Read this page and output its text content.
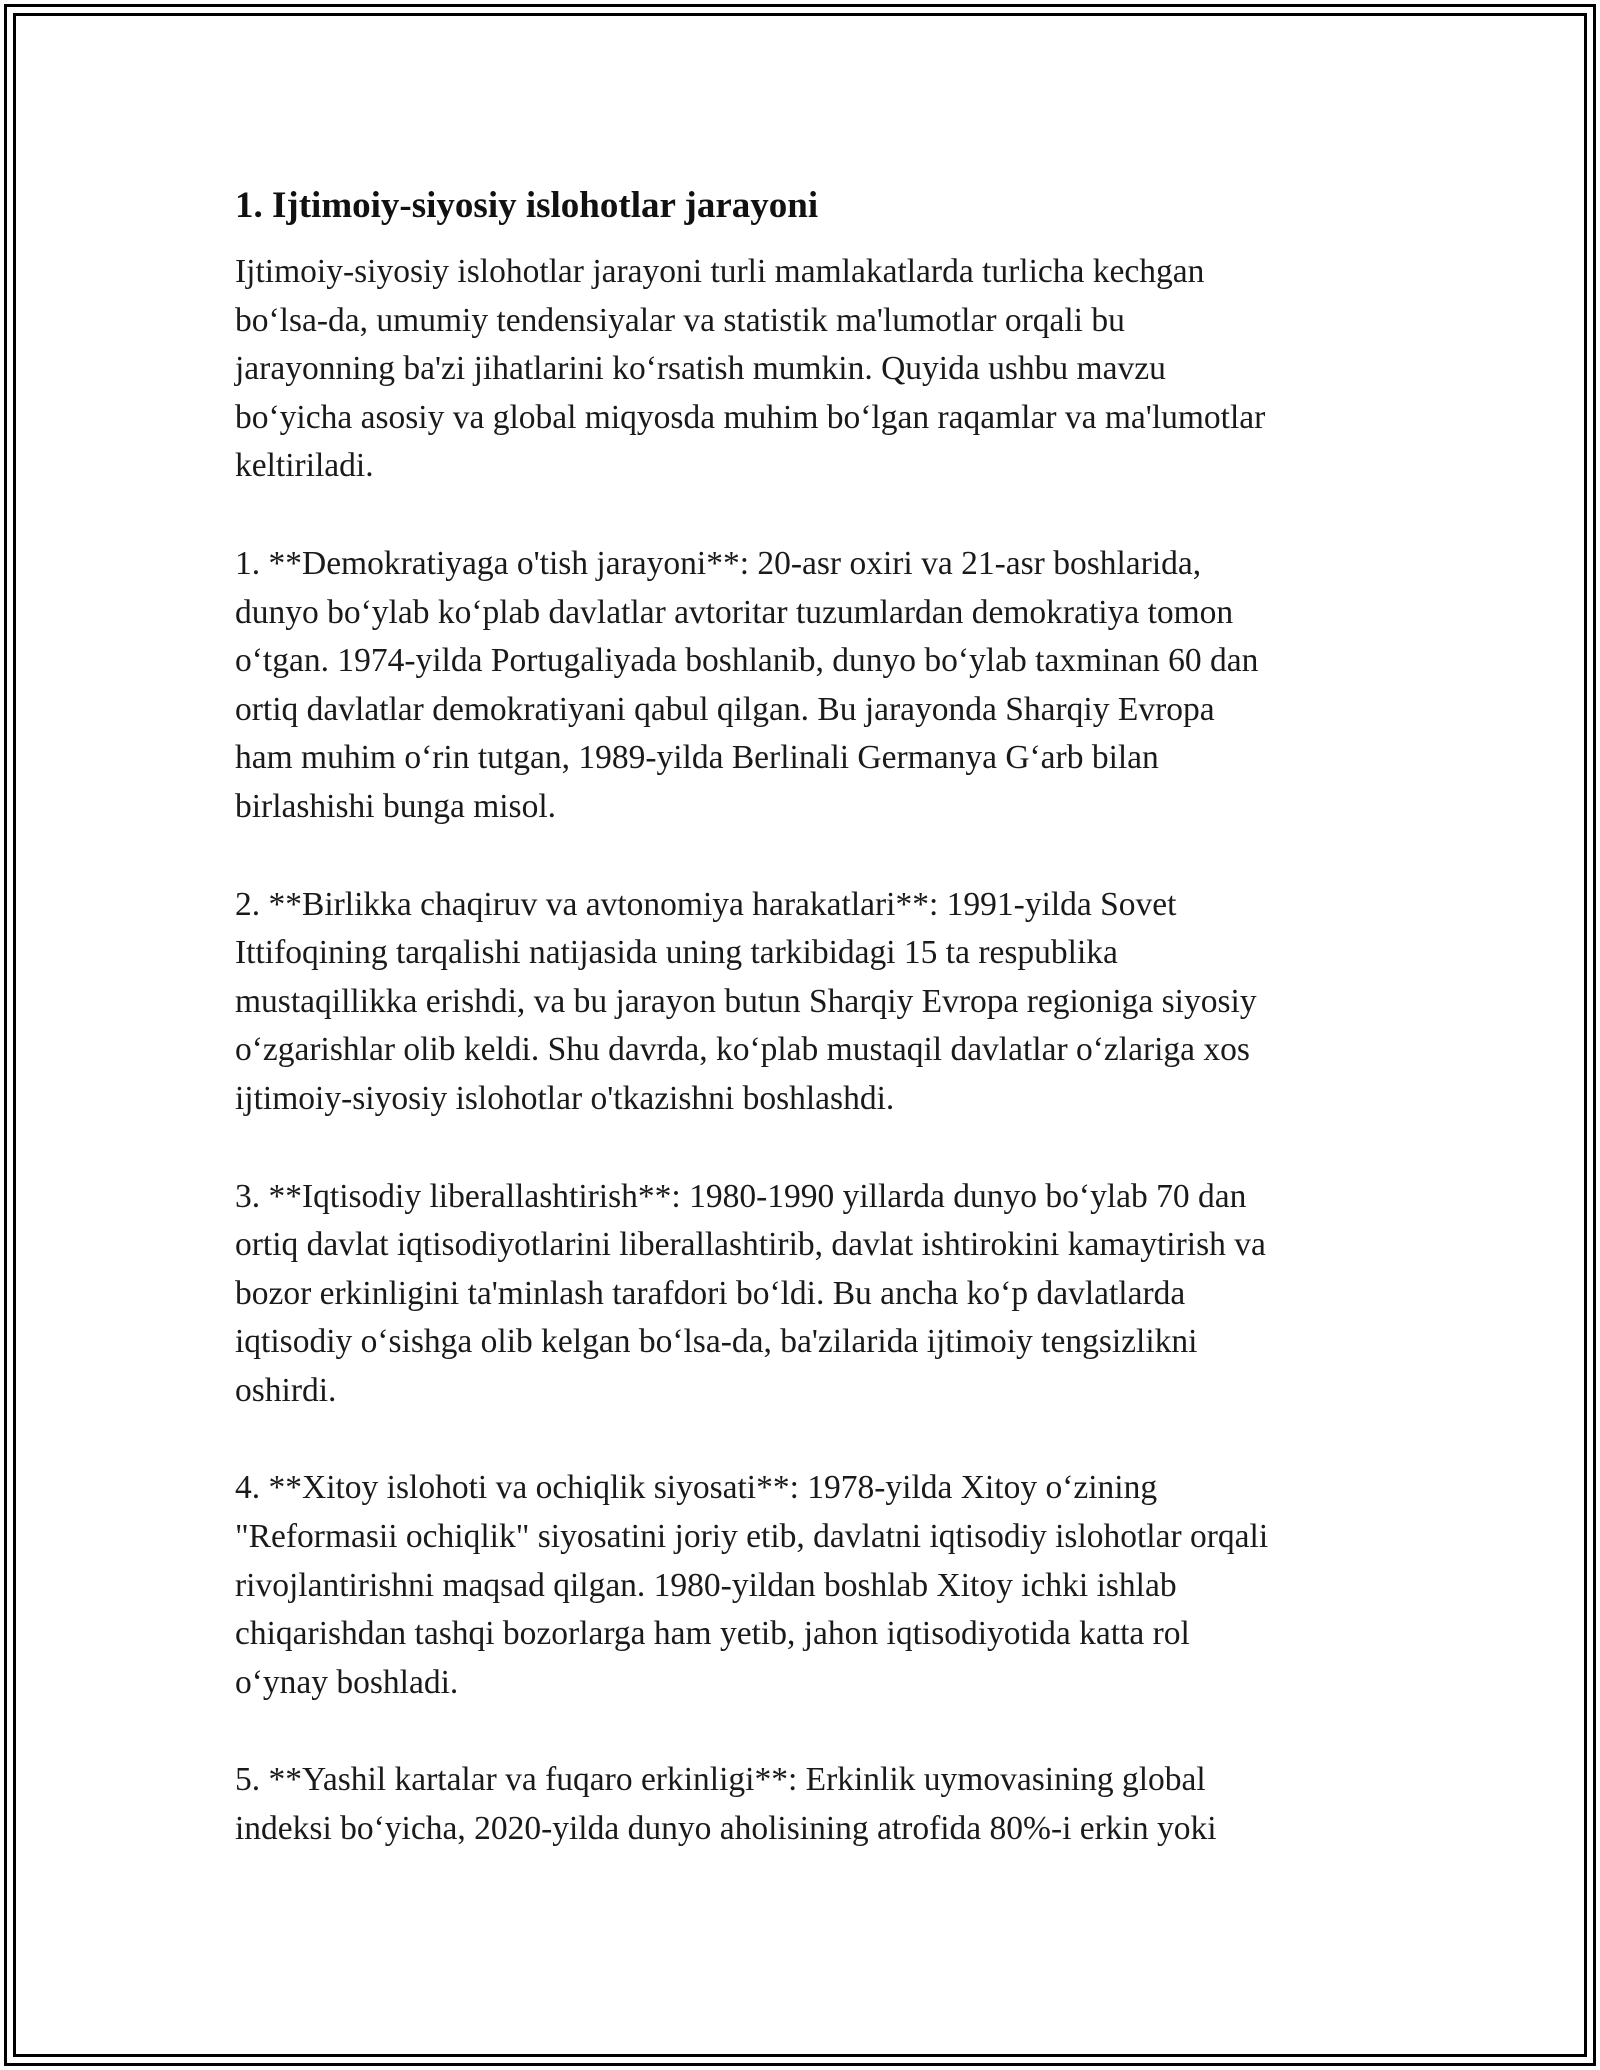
1. Ijtimoiy-siyosiy islohotlar jarayoni

Ijtimoiy-siyosiy islohotlar jarayoni turli mamlakatlarda turlicha kechgan
bo‘lsa-da, umumiy tendensiyalar va statistik ma'lumotlar orqali bu
jarayonning ba'zi jihatlarini ko‘rsatish mumkin. Quyida ushbu mavzu
bo‘yicha asosiy va global miqyosda muhim bo‘lgan raqamlar va ma'lumotlar
keltiriladi.

1. **Demokratiyaga o'tish jarayoni**: 20-asr oxiri va 21-asr boshlarida,
dunyo bo‘ylab ko‘plab davlatlar avtoritar tuzumlardan demokratiya tomon
o‘tgan. 1974-yilda Portugaliyada boshlanib, dunyo bo‘ylab taxminan 60 dan
ortiq davlatlar demokratiyani qabul qilgan. Bu jarayonda Sharqiy Evropa
ham muhim o‘rin tutgan, 1989-yilda Berlinali Germanya G‘arb bilan
birlashishi bunga misol.

2. **Birlikka chaqiruv va avtonomiya harakatlari**: 1991-yilda Sovet
Ittifoqining tarqalishi natijasida uning tarkibidagi 15 ta respublika
mustaqillikka erishdi, va bu jarayon butun Sharqiy Evropa regioniga siyosiy
o‘zgarishlar olib keldi. Shu davrda, ko‘plab mustaqil davlatlar o‘zlariga xos
ijtimoiy-siyosiy islohotlar o'tkazishni boshlashdi.

3. **Iqtisodiy liberallashtirish**: 1980-1990 yillarda dunyo bo‘ylab 70 dan
ortiq davlat iqtisodiyotlarini liberallashtirib, davlat ishtirokini kamaytirish va
bozor erkinligini ta'minlash tarafdori bo‘ldi. Bu ancha ko‘p davlatlarda
iqtisodiy o‘sishga olib kelgan bo‘lsa-da, ba'zilarida ijtimoiy tengsizlikni
oshirdi.

4. **Xitoy islohoti va ochiqlik siyosati**: 1978-yilda Xitoy o‘zining
"Reformasii ochiqlik" siyosatini joriy etib, davlatni iqtisodiy islohotlar orqali
rivojlantirishni maqsad qilgan. 1980-yildan boshlab Xitoy ichki ishlab
chiqarishdan tashqi bozorlarga ham yetib, jahon iqtisodiyotida katta rol
o‘ynay boshladi.

5. **Yashil kartalar va fuqaro erkinligi**: Erkinlik uymovasining global
indeksi bo‘yicha, 2020-yilda dunyo aholisining atrofida 80%-i erkin yoki
